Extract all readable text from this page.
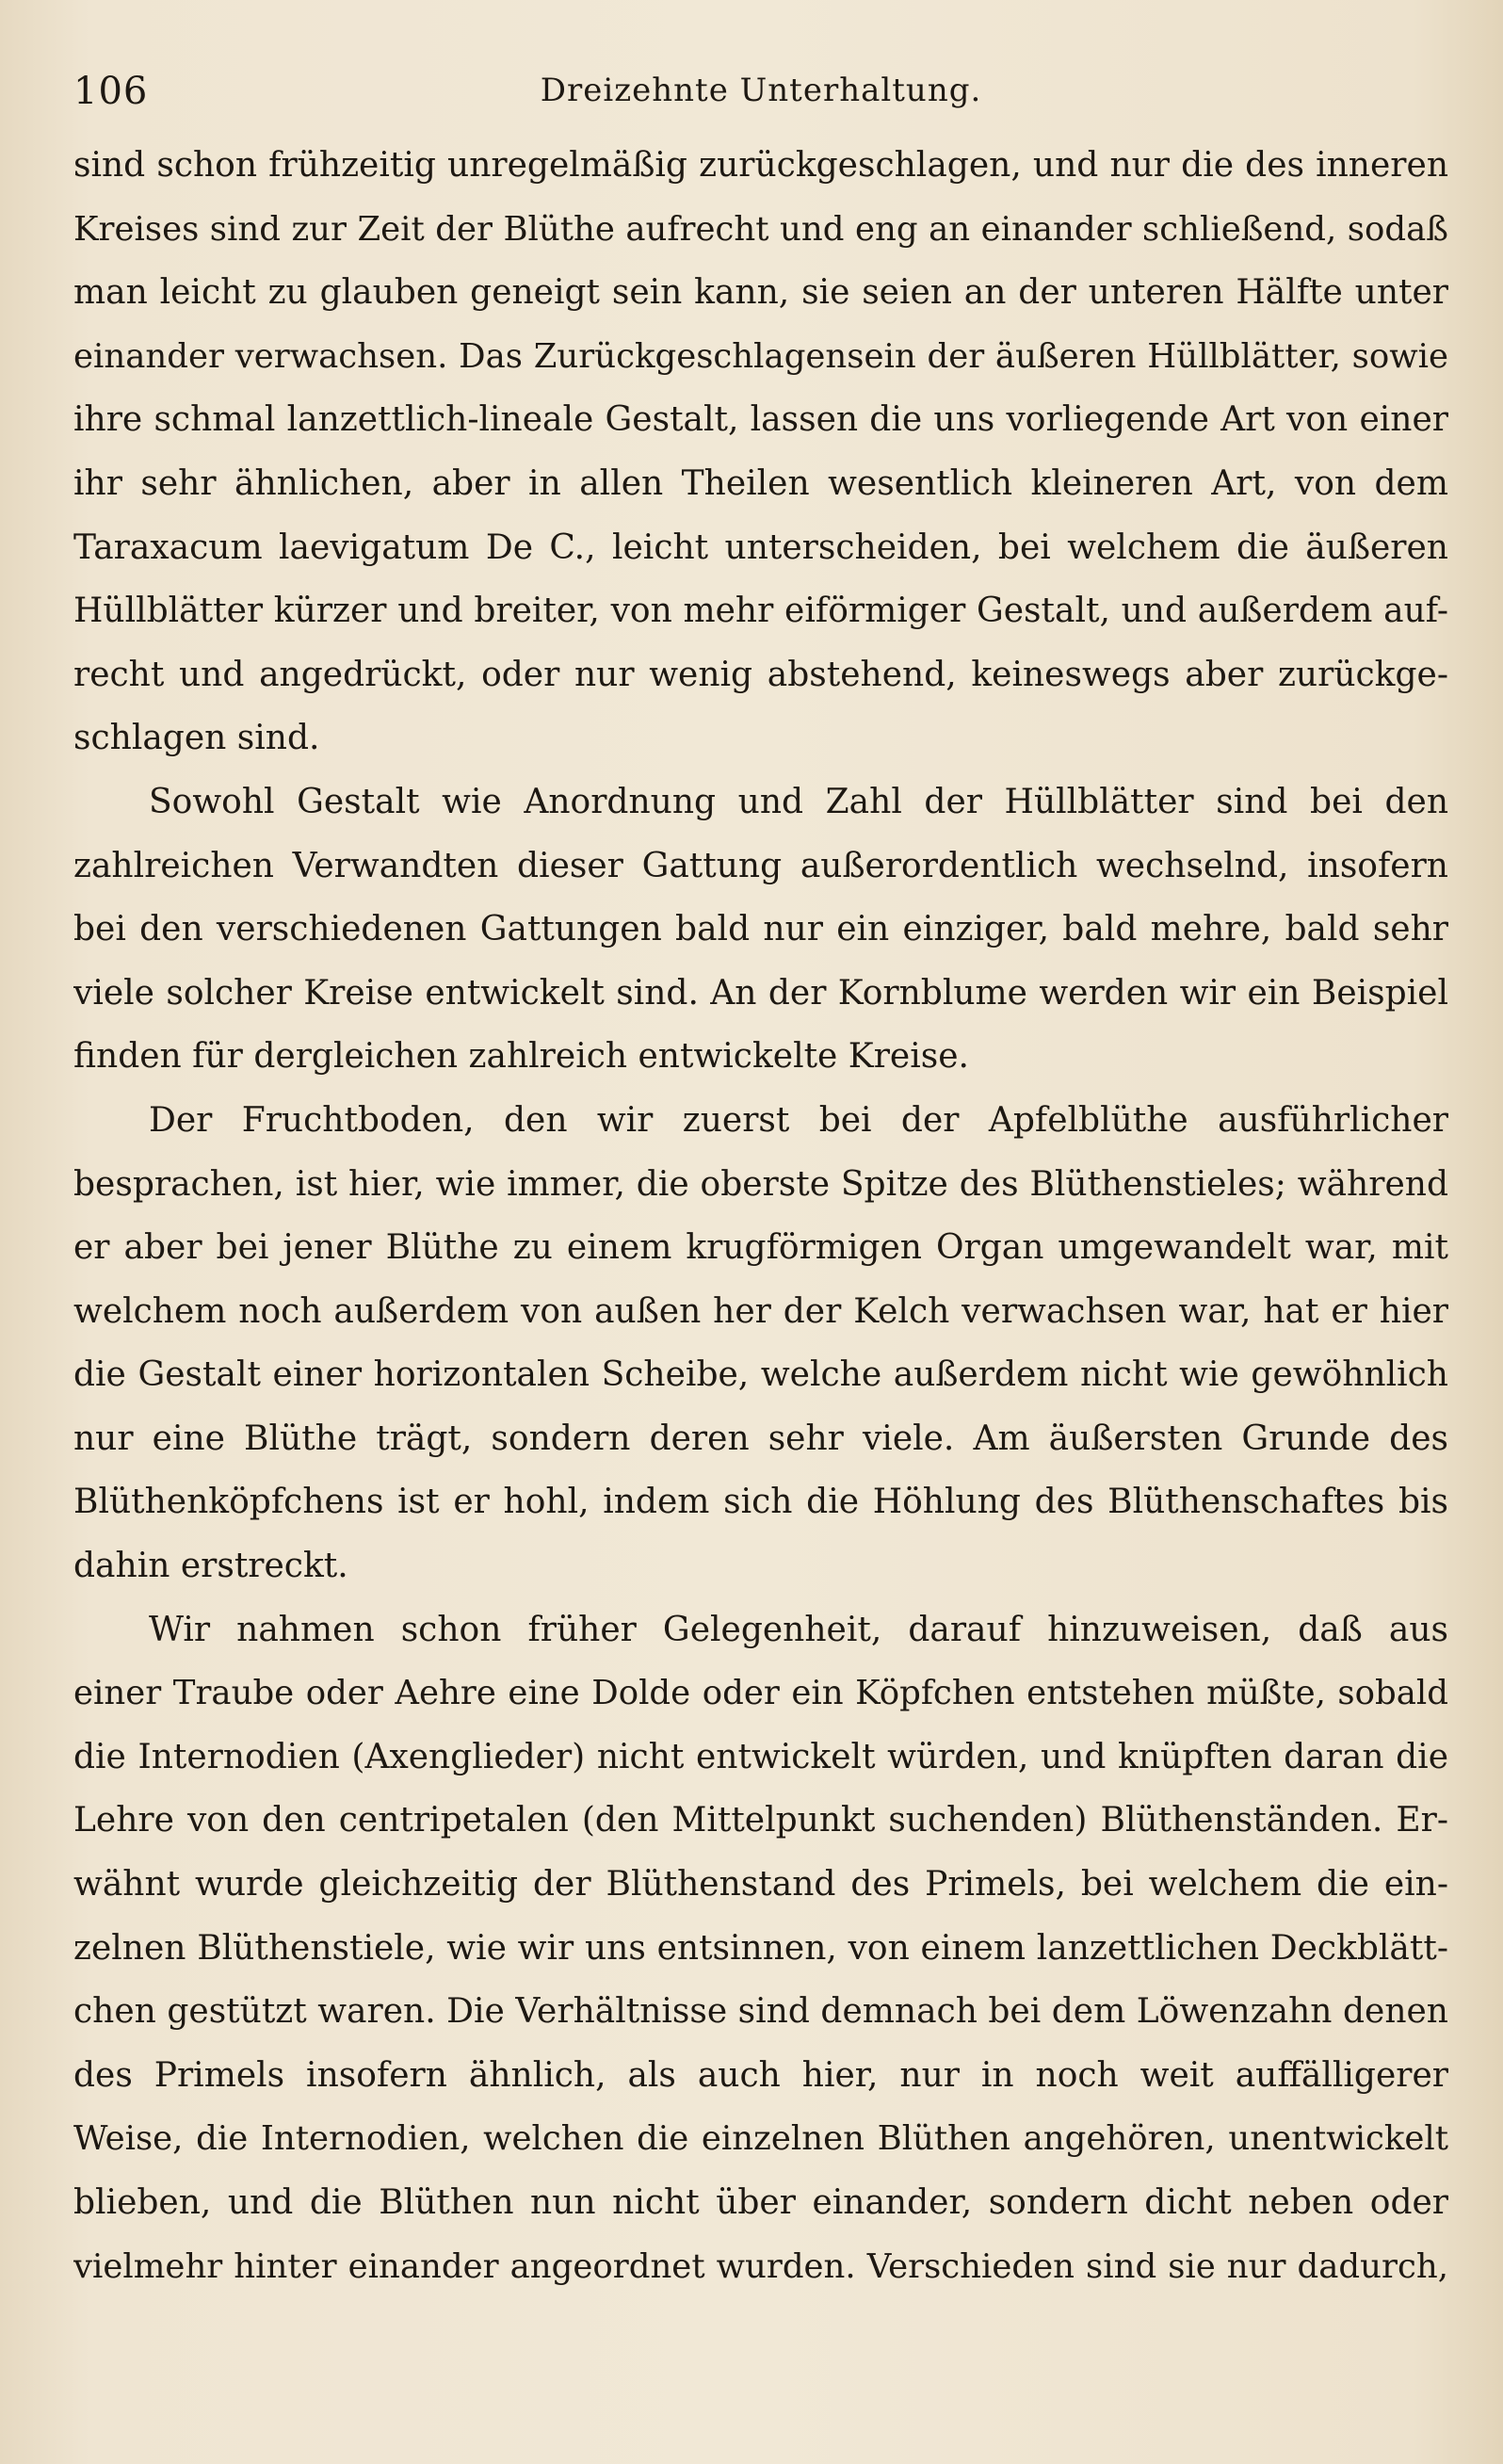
106	Dreizehnte Unterhaltung.

sind schon frühzeitig unregelmäßig zurückgeschlagen, und nur die des inneren
Kreises sind zur Zeit der Blüthe aufrecht und eng an einander schließend, sodaß
man leicht zu glauben geneigt sein kann, sie seien an der unteren Hälfte unter
einander verwachsen. Das Zurückgeschlagensein der äußeren Hüllblätter, sowie
ihre schmal lanzettlich-lineale Gestalt, lassen die uns vorliegende Art von einer
ihr sehr ähnlichen, aber in allen Theilen wesentlich kleineren Art, von dem
Taraxacum laevigatum De C., leicht unterscheiden, bei welchem die äußeren
Hüllblätter kürzer und breiter, von mehr eiförmiger Gestalt, und außerdem auf-
recht und angedrückt, oder nur wenig abstehend, keineswegs aber zurückge-
schlagen sind.

Sowohl Gestalt wie Anordnung und Zahl der Hüllblätter sind bei den
zahlreichen Verwandten dieser Gattung außerordentlich wechselnd, insofern
bei den verschiedenen Gattungen bald nur ein einziger, bald mehre, bald sehr
viele solcher Kreise entwickelt sind. An der Kornblume werden wir ein Beispiel
finden für dergleichen zahlreich entwickelte Kreise.

Der Fruchtboden, den wir zuerst bei der Apfelblüthe ausführlicher
besprachen, ist hier, wie immer, die oberste Spitze des Blüthenstieles; während
er aber bei jener Blüthe zu einem krugförmigen Organ umgewandelt war, mit
welchem noch außerdem von außen her der Kelch verwachsen war, hat er hier
die Gestalt einer horizontalen Scheibe, welche außerdem nicht wie gewöhnlich
nur eine Blüthe trägt, sondern deren sehr viele. Am äußersten Grunde des
Blüthenköpfchens ist er hohl, indem sich die Höhlung des Blüthenschaftes bis
dahin erstreckt.

Wir nahmen schon früher Gelegenheit, darauf hinzuweisen, daß aus
einer Traube oder Aehre eine Dolde oder ein Köpfchen entstehen müßte, sobald
die Internodien (Axenglieder) nicht entwickelt würden, und knüpften daran die
Lehre von den centripetalen (den Mittelpunkt suchenden) Blüthenständen. Er-
wähnt wurde gleichzeitig der Blüthenstand des Primels, bei welchem die ein-
zelnen Blüthenstiele, wie wir uns entsinnen, von einem lanzettlichen Deckblätt-
chen gestützt waren. Die Verhältnisse sind demnach bei dem Löwenzahn denen
des Primels insofern ähnlich, als auch hier, nur in noch weit auffälligerer
Weise, die Internodien, welchen die einzelnen Blüthen angehören, unentwickelt
blieben, und die Blüthen nun nicht über einander, sondern dicht neben oder
vielmehr hinter einander angeordnet wurden. Verschieden sind sie nur dadurch,
